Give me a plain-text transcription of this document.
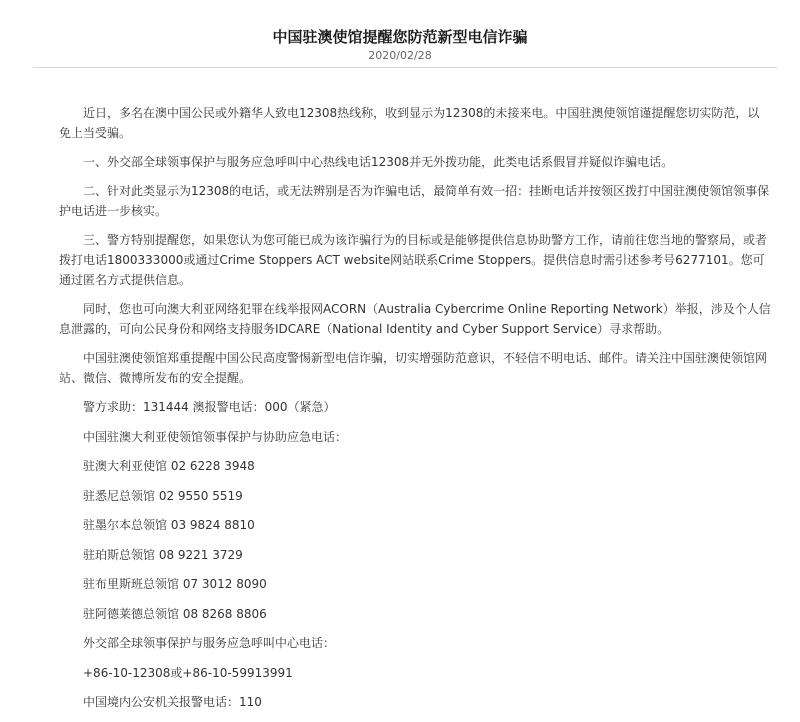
中国驻澳使馆提醒您防范新型电信诈骗
2020/02/28

近日，多名在澳中国公民或外籍华人致电12308热线称，收到显示为12308的未接来电。中国驻澳使领馆谨提醒您切实防范，以免上当受骗。

一、外交部全球领事保护与服务应急呼叫中心热线电话12308并无外拨功能，此类电话系假冒并疑似诈骗电话。

二、针对此类显示为12308的电话，或无法辨别是否为诈骗电话，最简单有效一招：挂断电话并按领区拨打中国驻澳使领馆领事保护电话进一步核实。

三、警方特别提醒您，如果您认为您可能已成为该诈骗行为的目标或是能够提供信息协助警方工作，请前往您当地的警察局，或者拨打电话1800333000或通过Crime Stoppers ACT website网站联系Crime Stoppers。提供信息时需引述参考号6277101。您可通过匿名方式提供信息。

同时，您也可向澳大利亚网络犯罪在线举报网ACORN（Australia Cybercrime Online Reporting Network）举报，涉及个人信息泄露的，可向公民身份和网络支持服务IDCARE（National Identity and Cyber Support Service）寻求帮助。

中国驻澳使领馆郑重提醒中国公民高度警惕新型电信诈骗，切实增强防范意识，不轻信不明电话、邮件。请关注中国驻澳使领馆网站、微信、微博所发布的安全提醒。

警方求助：131444 澳报警电话：000（紧急）
中国驻澳大利亚使领馆领事保护与协助应急电话：
驻澳大利亚使馆 02 6228 3948
驻悉尼总领馆 02 9550 5519
驻墨尔本总领馆 03 9824 8810
驻珀斯总领馆 08 9221 3729
驻布里斯班总领馆 07 3012 8090
驻阿德莱德总领馆 08 8268 8806
外交部全球领事保护与服务应急呼叫中心电话：
+86-10-12308或+86-10-59913991
中国境内公安机关报警电话：110
